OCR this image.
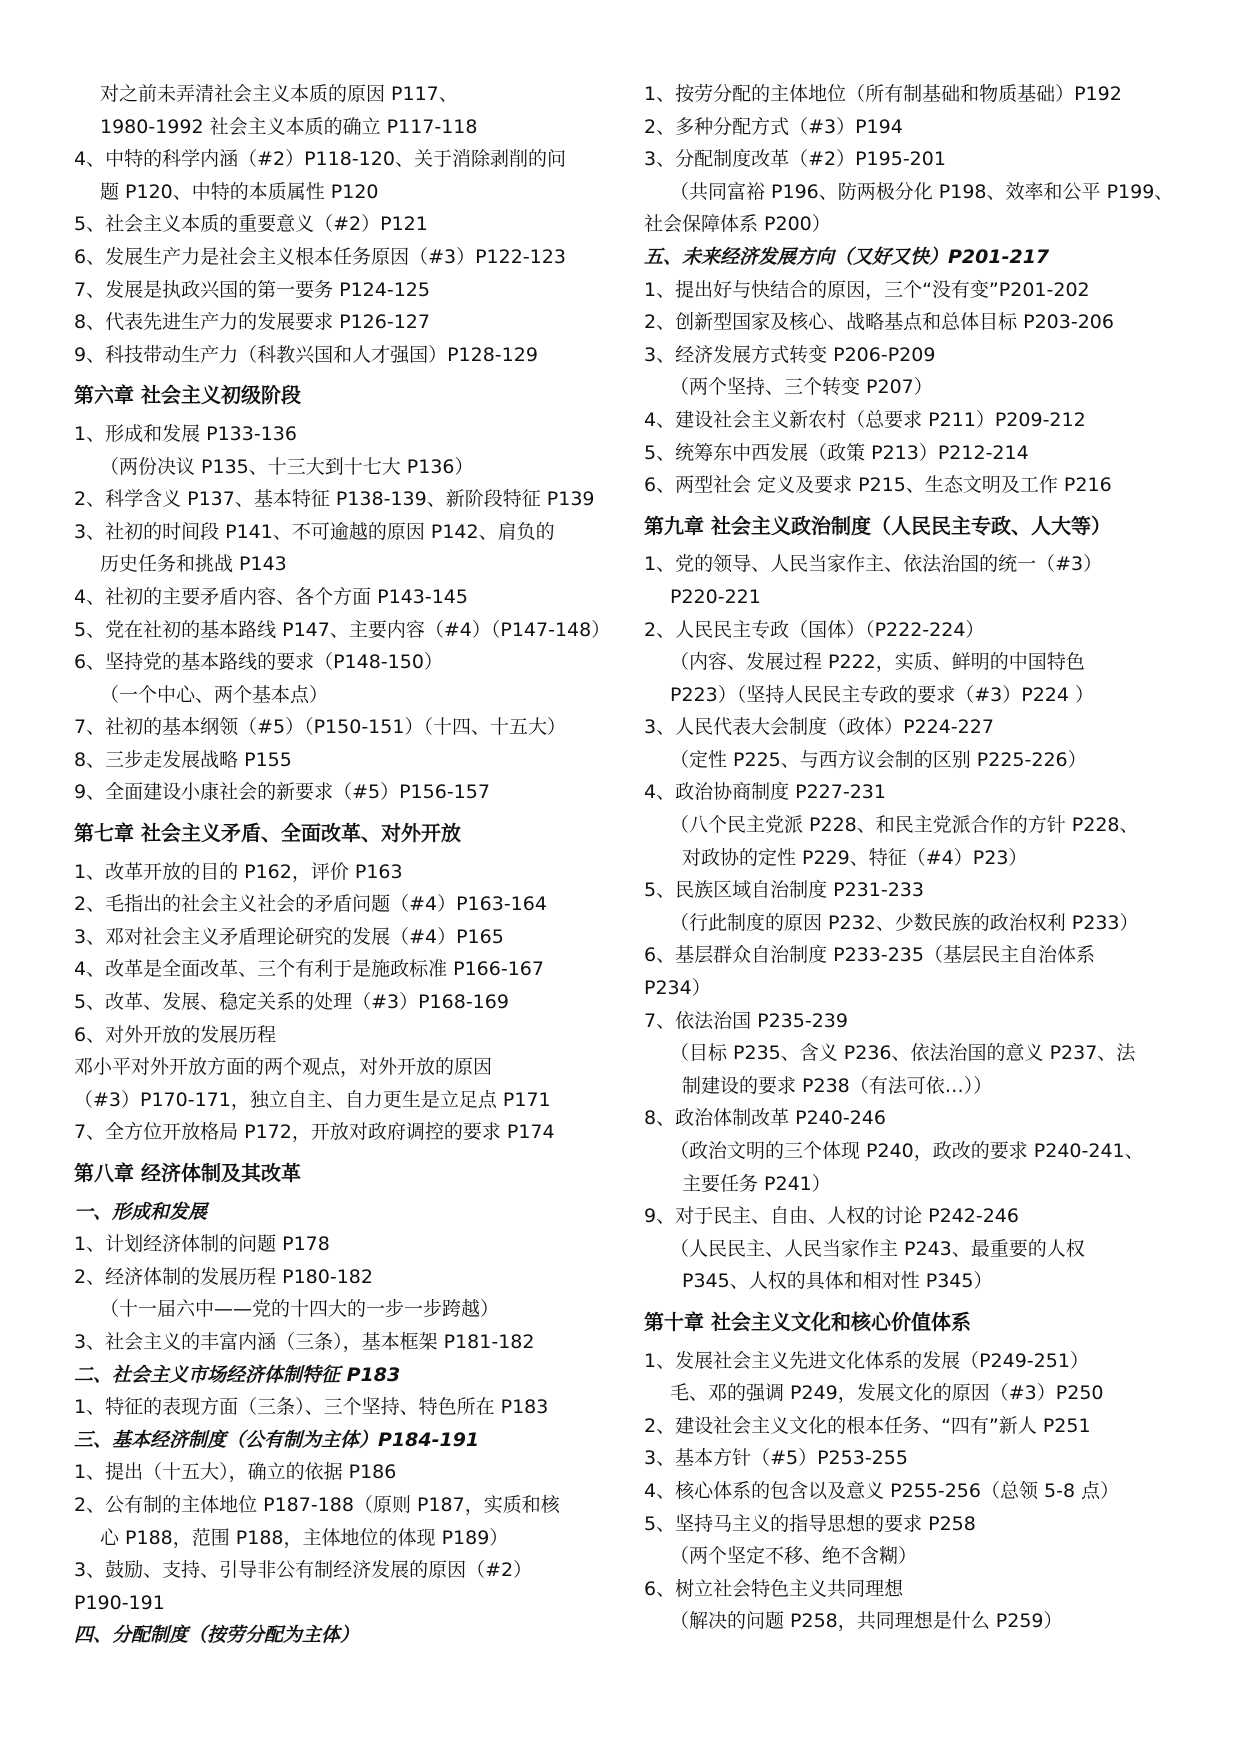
对之前未弄清社会主义本质的原因 P117、
1980-1992 社会主义本质的确立 P117-118
4、中特的科学内涵（#2）P118-120、关于消除剥削的问
题 P120、中特的本质属性 P120
5、社会主义本质的重要意义（#2）P121
6、发展生产力是社会主义根本任务原因（#3）P122-123
7、发展是执政兴国的第一要务 P124-125
8、代表先进生产力的发展要求 P126-127
9、科技带动生产力（科教兴国和人才强国）P128-129
第六章 社会主义初级阶段
1、形成和发展 P133-136
（两份决议 P135、十三大到十七大 P136）
2、科学含义 P137、基本特征 P138-139、新阶段特征 P139
3、社初的时间段 P141、不可逾越的原因 P142、肩负的
历史任务和挑战 P143
4、社初的主要矛盾内容、各个方面 P143-145
5、党在社初的基本路线 P147、主要内容（#4）（P147-148）
6、坚持党的基本路线的要求（P148-150）
（一个中心、两个基本点）
7、社初的基本纲领（#5）（P150-151）（十四、十五大）
8、三步走发展战略 P155
9、全面建设小康社会的新要求（#5）P156-157
第七章 社会主义矛盾、全面改革、对外开放
1、改革开放的目的 P162，评价 P163
2、毛指出的社会主义社会的矛盾问题（#4）P163-164
3、邓对社会主义矛盾理论研究的发展（#4）P165
4、改革是全面改革、三个有利于是施政标准 P166-167
5、改革、发展、稳定关系的处理（#3）P168-169
6、对外开放的发展历程
邓小平对外开放方面的两个观点，对外开放的原因
（#3）P170-171，独立自主、自力更生是立足点 P171
7、全方位开放格局 P172，开放对政府调控的要求 P174
第八章 经济体制及其改革
一、形成和发展
1、计划经济体制的问题 P178
2、经济体制的发展历程 P180-182
（十一届六中——党的十四大的一步一步跨越）
3、社会主义的丰富内涵（三条），基本框架 P181-182
二、社会主义市场经济体制特征 P183
1、特征的表现方面（三条）、三个坚持、特色所在 P183
三、基本经济制度（公有制为主体）P184-191
1、提出（十五大），确立的依据 P186
2、公有制的主体地位 P187-188（原则 P187，实质和核
心 P188，范围 P188，主体地位的体现 P189）
3、鼓励、支持、引导非公有制经济发展的原因（#2）
P190-191
四、分配制度（按劳分配为主体）
1、按劳分配的主体地位（所有制基础和物质基础）P192
2、多种分配方式（#3）P194
3、分配制度改革（#2）P195-201
（共同富裕 P196、防两极分化 P198、效率和公平 P199、
社会保障体系 P200）
五、未来经济发展方向（又好又快）P201-217
1、提出好与快结合的原因，三个“没有变”P201-202
2、创新型国家及核心、战略基点和总体目标 P203-206
3、经济发展方式转变 P206-P209
（两个坚持、三个转变 P207）
4、建设社会主义新农村（总要求 P211）P209-212
5、统筹东中西发展（政策 P213）P212-214
6、两型社会 定义及要求 P215、生态文明及工作 P216
第九章 社会主义政治制度（人民民主专政、人大等）
1、党的领导、人民当家作主、依法治国的统一（#3）
P220-221
2、人民民主专政（国体）（P222-224）
（内容、发展过程 P222，实质、鲜明的中国特色
P223）（坚持人民民主专政的要求（#3）P224 ）
3、人民代表大会制度（政体）P224-227
（定性 P225、与西方议会制的区别 P225-226）
4、政治协商制度 P227-231
（八个民主党派 P228、和民主党派合作的方针 P228、
对政协的定性 P229、特征（#4）P23）
5、民族区域自治制度 P231-233
（行此制度的原因 P232、少数民族的政治权利 P233）
6、基层群众自治制度 P233-235（基层民主自治体系
P234）
7、依法治国 P235-239
（目标 P235、含义 P236、依法治国的意义 P237、法
制建设的要求 P238（有法可依…））
8、政治体制改革 P240-246
（政治文明的三个体现 P240，政改的要求 P240-241、
主要任务 P241）
9、对于民主、自由、人权的讨论 P242-246
（人民民主、人民当家作主 P243、最重要的人权
P345、人权的具体和相对性 P345）
第十章 社会主义文化和核心价值体系
1、发展社会主义先进文化体系的发展（P249-251）
毛、邓的强调 P249，发展文化的原因（#3）P250
2、建设社会主义文化的根本任务、“四有”新人 P251
3、基本方针（#5）P253-255
4、核心体系的包含以及意义 P255-256（总领 5-8 点）
5、坚持马主义的指导思想的要求 P258
（两个坚定不移、绝不含糊）
6、树立社会特色主义共同理想
（解决的问题 P258，共同理想是什么 P259）
